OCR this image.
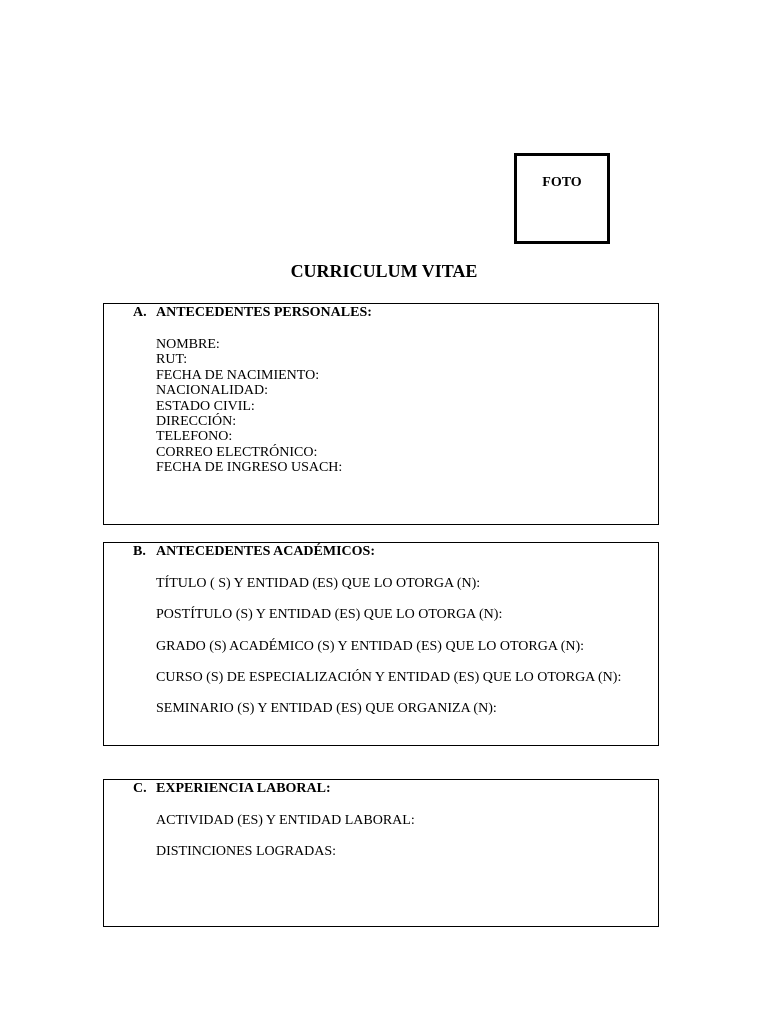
FOTO
CURRICULUM VITAE
A. ANTECEDENTES PERSONALES:
NOMBRE:
RUT:
FECHA DE NACIMIENTO:
NACIONALIDAD:
ESTADO CIVIL:
DIRECCIÓN:
TELEFONO:
CORREO ELECTRÓNICO:
FECHA DE INGRESO USACH:
B. ANTECEDENTES ACADÉMICOS:
TÍTULO ( S) Y ENTIDAD (ES) QUE LO OTORGA (N):
POSTÍTULO (S) Y ENTIDAD (ES) QUE LO OTORGA (N):
GRADO (S) ACADÉMICO (S) Y ENTIDAD (ES) QUE LO OTORGA (N):
CURSO (S) DE ESPECIALIZACIÓN Y ENTIDAD (ES) QUE LO OTORGA (N):
SEMINARIO (S) Y ENTIDAD (ES) QUE ORGANIZA (N):
C. EXPERIENCIA LABORAL:
ACTIVIDAD (ES) Y ENTIDAD LABORAL:
DISTINCIONES LOGRADAS:
